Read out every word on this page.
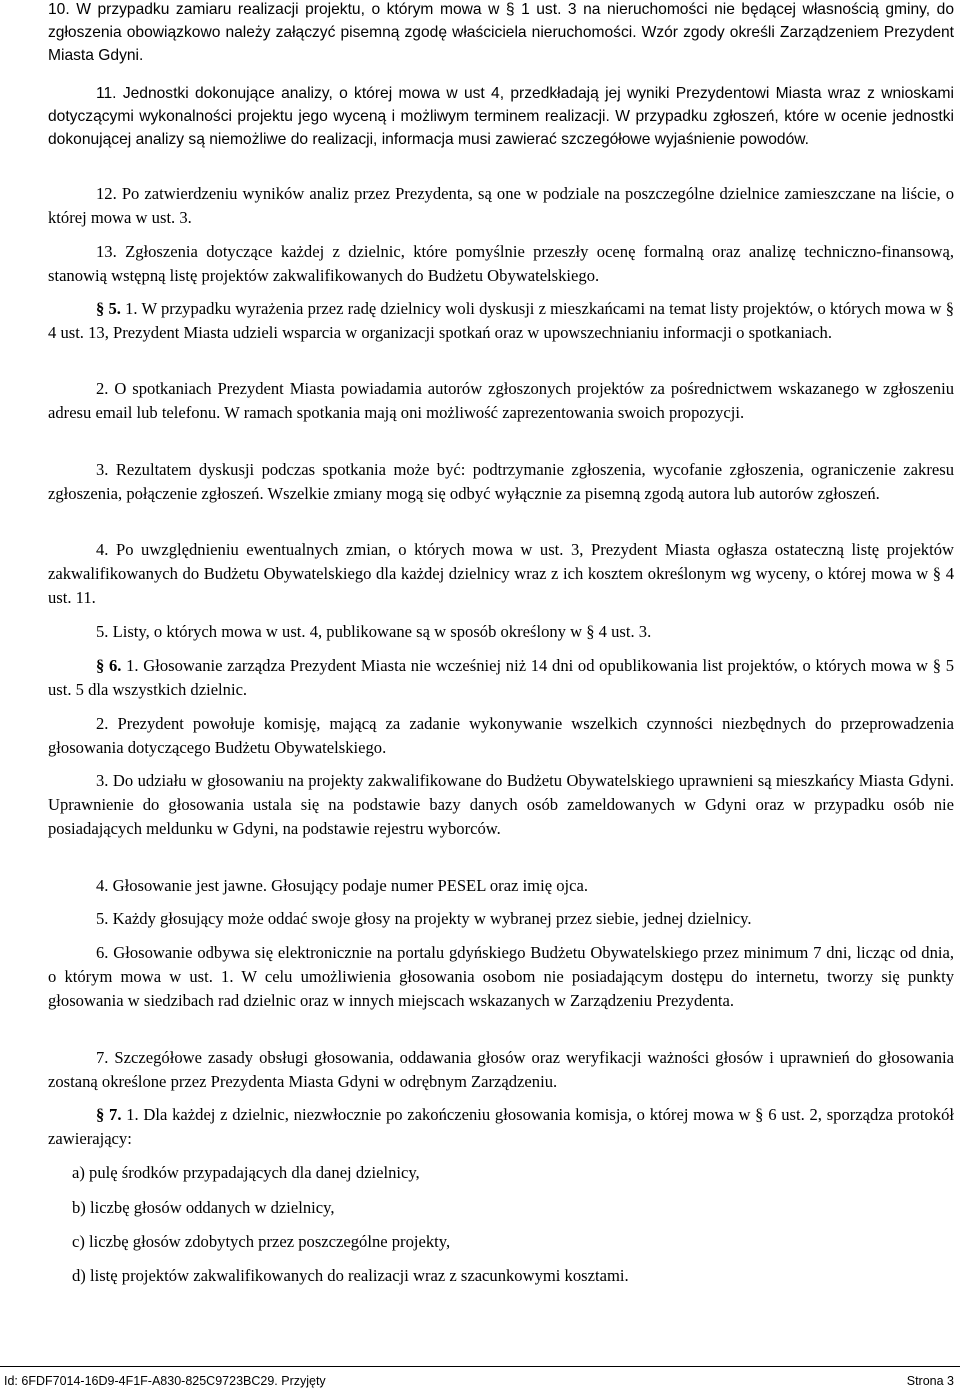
10. W przypadku zamiaru realizacji projektu, o którym mowa w § 1 ust. 3 na nieruchomości nie będącej własnością gminy, do zgłoszenia obowiązkowo należy załączyć pisemną zgodę właściciela nieruchomości. Wzór zgody określi Zarządzeniem Prezydent Miasta Gdyni.

11. Jednostki dokonujące analizy, o której mowa w ust 4, przedkładają jej wyniki Prezydentowi Miasta wraz z wnioskami dotyczącymi wykonalności projektu jego wyceną i możliwym terminem realizacji. W przypadku zgłoszeń, które w ocenie jednostki dokonującej analizy są niemożliwe do realizacji, informacja musi zawierać szczegółowe wyjaśnienie powodów.

12. Po zatwierdzeniu wyników analiz przez Prezydenta, są one w podziale na poszczególne dzielnice zamieszczane na liście, o której mowa w ust. 3.

13. Zgłoszenia dotyczące każdej z dzielnic, które pomyślnie przeszły ocenę formalną oraz analizę techniczno-finansową, stanowią wstępną listę projektów zakwalifikowanych do Budżetu Obywatelskiego.

§ 5. 1. W przypadku wyrażenia przez radę dzielnicy woli dyskusji z mieszkańcami na temat listy projektów, o których mowa w § 4 ust. 13, Prezydent Miasta udzieli wsparcia w organizacji spotkań oraz w upowszechnianiu informacji o spotkaniach.

2. O spotkaniach Prezydent Miasta powiadamia autorów zgłoszonych projektów za pośrednictwem wskazanego w zgłoszeniu adresu email lub telefonu. W ramach spotkania mają oni możliwość zaprezentowania swoich propozycji.

3. Rezultatem dyskusji podczas spotkania może być: podtrzymanie zgłoszenia, wycofanie zgłoszenia, ograniczenie zakresu zgłoszenia, połączenie zgłoszeń. Wszelkie zmiany mogą się odbyć wyłącznie za pisemną zgodą autora lub autorów zgłoszeń.

4. Po uwzględnieniu ewentualnych zmian, o których mowa w ust. 3, Prezydent Miasta ogłasza ostateczną listę projektów zakwalifikowanych do Budżetu Obywatelskiego dla każdej dzielnicy wraz z ich kosztem określonym wg wyceny, o której mowa w § 4 ust. 11.

5. Listy, o których mowa w ust. 4, publikowane są w sposób określony w § 4 ust. 3.

§ 6. 1. Głosowanie zarządza Prezydent Miasta nie wcześniej niż 14 dni od opublikowania list projektów, o których mowa w § 5 ust. 5 dla wszystkich dzielnic.

2. Prezydent powołuje komisję, mającą za zadanie wykonywanie wszelkich czynności niezbędnych do przeprowadzenia głosowania dotyczącego Budżetu Obywatelskiego.

3. Do udziału w głosowaniu na projekty zakwalifikowane do Budżetu Obywatelskiego uprawnieni są mieszkańcy Miasta Gdyni. Uprawnienie do głosowania ustala się na podstawie bazy danych osób zameldowanych w Gdyni oraz w przypadku osób nie posiadających meldunku w Gdyni, na podstawie rejestru wyborców.

4. Głosowanie jest jawne. Głosujący podaje numer PESEL oraz imię ojca.

5. Każdy głosujący może oddać swoje głosy na projekty w wybranej przez siebie, jednej dzielnicy.

6. Głosowanie odbywa się elektronicznie na portalu gdyńskiego Budżetu Obywatelskiego przez minimum 7 dni, licząc od dnia, o którym mowa w ust. 1. W celu umożliwienia głosowania osobom nie posiadającym dostępu do internetu, tworzy się punkty głosowania w siedzibach rad dzielnic oraz w innych miejscach wskazanych w Zarządzeniu Prezydenta.

7. Szczegółowe zasady obsługi głosowania, oddawania głosów oraz weryfikacji ważności głosów i uprawnień do głosowania zostaną określone przez Prezydenta Miasta Gdyni w odrębnym Zarządzeniu.

§ 7. 1. Dla każdej z dzielnic, niezwłocznie po zakończeniu głosowania komisja, o której mowa w § 6 ust. 2, sporządza protokół zawierający:

a) pulę środków przypadających dla danej dzielnicy,

b) liczbę głosów oddanych w dzielnicy,

c) liczbę głosów zdobytych przez poszczególne projekty,

d) listę projektów zakwalifikowanych do realizacji wraz z szacunkowymi kosztami.

Id: 6FDF7014-16D9-4F1F-A830-825C9723BC29. Przyjęty	Strona 3
